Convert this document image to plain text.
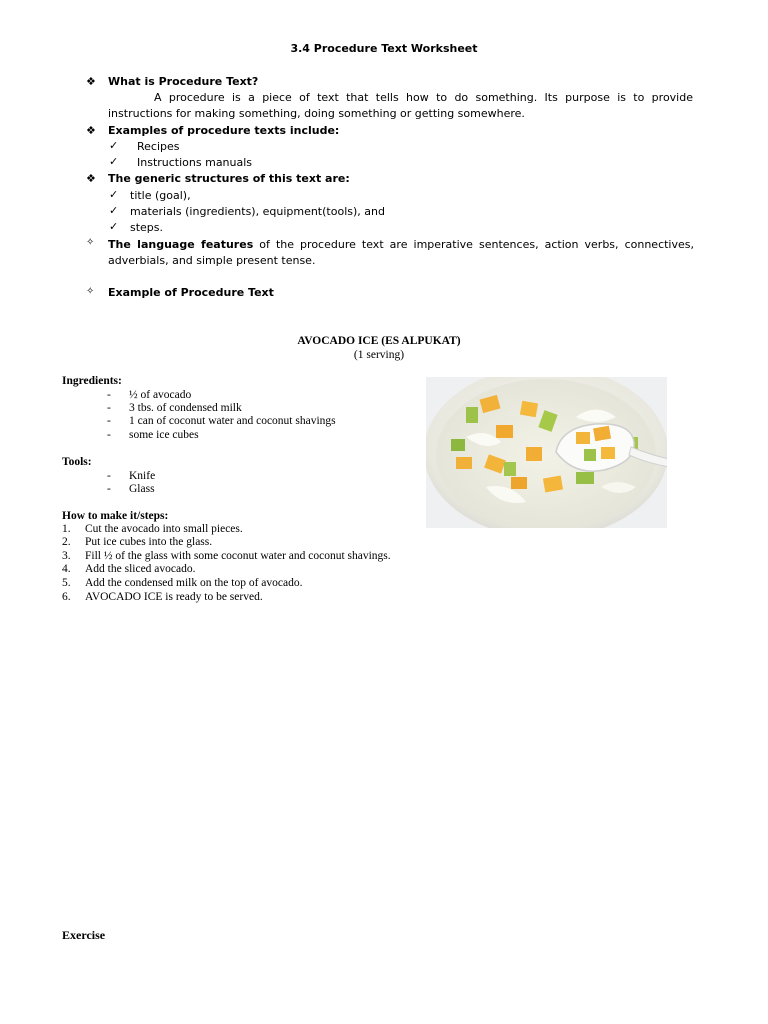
3.4 Procedure Text Worksheet
❖ What is Procedure Text?
A procedure is a piece of text that tells how to do something. Its purpose is to provide
instructions for making something, doing something or getting somewhere.
❖ Examples of procedure texts include:
✓ Recipes
✓ Instructions manuals
❖ The generic structures of this text are:
✓ title (goal),
✓ materials (ingredients), equipment(tools), and
✓ steps.
✧ The language features of the procedure text are imperative sentences, action verbs, connectives,
adverbials, and simple present tense.
✧ Example of Procedure Text
AVOCADO ICE (ES ALPUKAT)
(1 serving)
Ingredients:
- ½ of avocado
- 3 tbs. of condensed milk
- 1 can of coconut water and coconut shavings
- some ice cubes
Tools:
- Knife
- Glass
How to make it/steps:
1. Cut the avocado into small pieces.
2. Put ice cubes into the glass.
3. Fill ½ of the glass with some coconut water and coconut shavings.
4. Add the sliced avocado.
5. Add the condensed milk on the top of avocado.
6. AVOCADO ICE is ready to be served.
Exercise
